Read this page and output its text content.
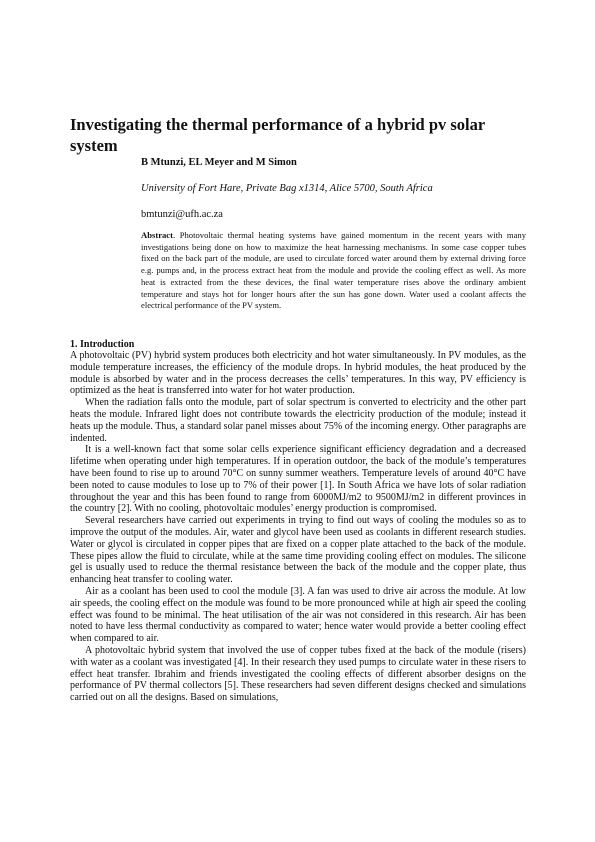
Investigating the thermal performance of a hybrid pv solar system
B Mtunzi, EL Meyer and M Simon
University of Fort Hare, Private Bag x1314, Alice 5700, South Africa
bmtunzi@ufh.ac.za

Abstract. Photovoltaic thermal heating systems have gained momentum in the recent years with many investigations being done on how to maximize the heat harnessing mechanisms. In some case copper tubes fixed on the back part of the module, are used to circulate forced water around them by external driving force e.g. pumps and, in the process extract heat from the module and provide the cooling effect as well. As more heat is extracted from the these devices, the final water temperature rises above the ordinary ambient temperature and stays hot for longer hours after the sun has gone down. Water used a coolant affects the electrical performance of the PV system.

1. Introduction

A photovoltaic (PV) hybrid system produces both electricity and hot water simultaneously. In PV modules, as the module temperature increases, the efficiency of the module drops. In hybrid modules, the heat produced by the module is absorbed by water and in the process decreases the cells’ temperatures. In this way, PV efficiency is optimized as the heat is transferred into water for hot water production.

When the radiation falls onto the module, part of solar spectrum is converted to electricity and the other part heats the module. Infrared light does not contribute towards the electricity production of the module; instead it heats up the module. Thus, a standard solar panel misses about 75% of the incoming energy. Other paragraphs are indented.

It is a well-known fact that some solar cells experience significant efficiency degradation and a decreased lifetime when operating under high temperatures. If in operation outdoor, the back of the module’s temperatures have been found to rise up to around 70°C on sunny summer weathers. Temperature levels of around 40°C have been noted to cause modules to lose up to 7% of their power [1]. In South Africa we have lots of solar radiation throughout the year and this has been found to range from 6000MJ/m2 to 9500MJ/m2 in different provinces in the country [2]. With no cooling, photovoltaic modules’ energy production is compromised.

Several researchers have carried out experiments in trying to find out ways of cooling the modules so as to improve the output of the modules. Air, water and glycol have been used as coolants in different research studies. Water or glycol is circulated in copper pipes that are fixed on a copper plate attached to the back of the module. These pipes allow the fluid to circulate, while at the same time providing cooling effect on modules. The silicone gel is usually used to reduce the thermal resistance between the back of the module and the copper plate, thus enhancing heat transfer to cooling water.

Air as a coolant has been used to cool the module [3]. A fan was used to drive air across the module. At low air speeds, the cooling effect on the module was found to be more pronounced while at high air speed the cooling effect was found to be minimal. The heat utilisation of the air was not considered in this research. Air has been noted to have less thermal conductivity as compared to water; hence water would provide a better cooling effect when compared to air.

A photovoltaic hybrid system that involved the use of copper tubes fixed at the back of the module (risers) with water as a coolant was investigated [4]. In their research they used pumps to circulate water in these risers to effect heat transfer. Ibrahim and friends investigated the cooling effects of different absorber designs on the performance of PV thermal collectors [5]. These researchers had seven different designs checked and simulations carried out on all the designs. Based on simulations,
